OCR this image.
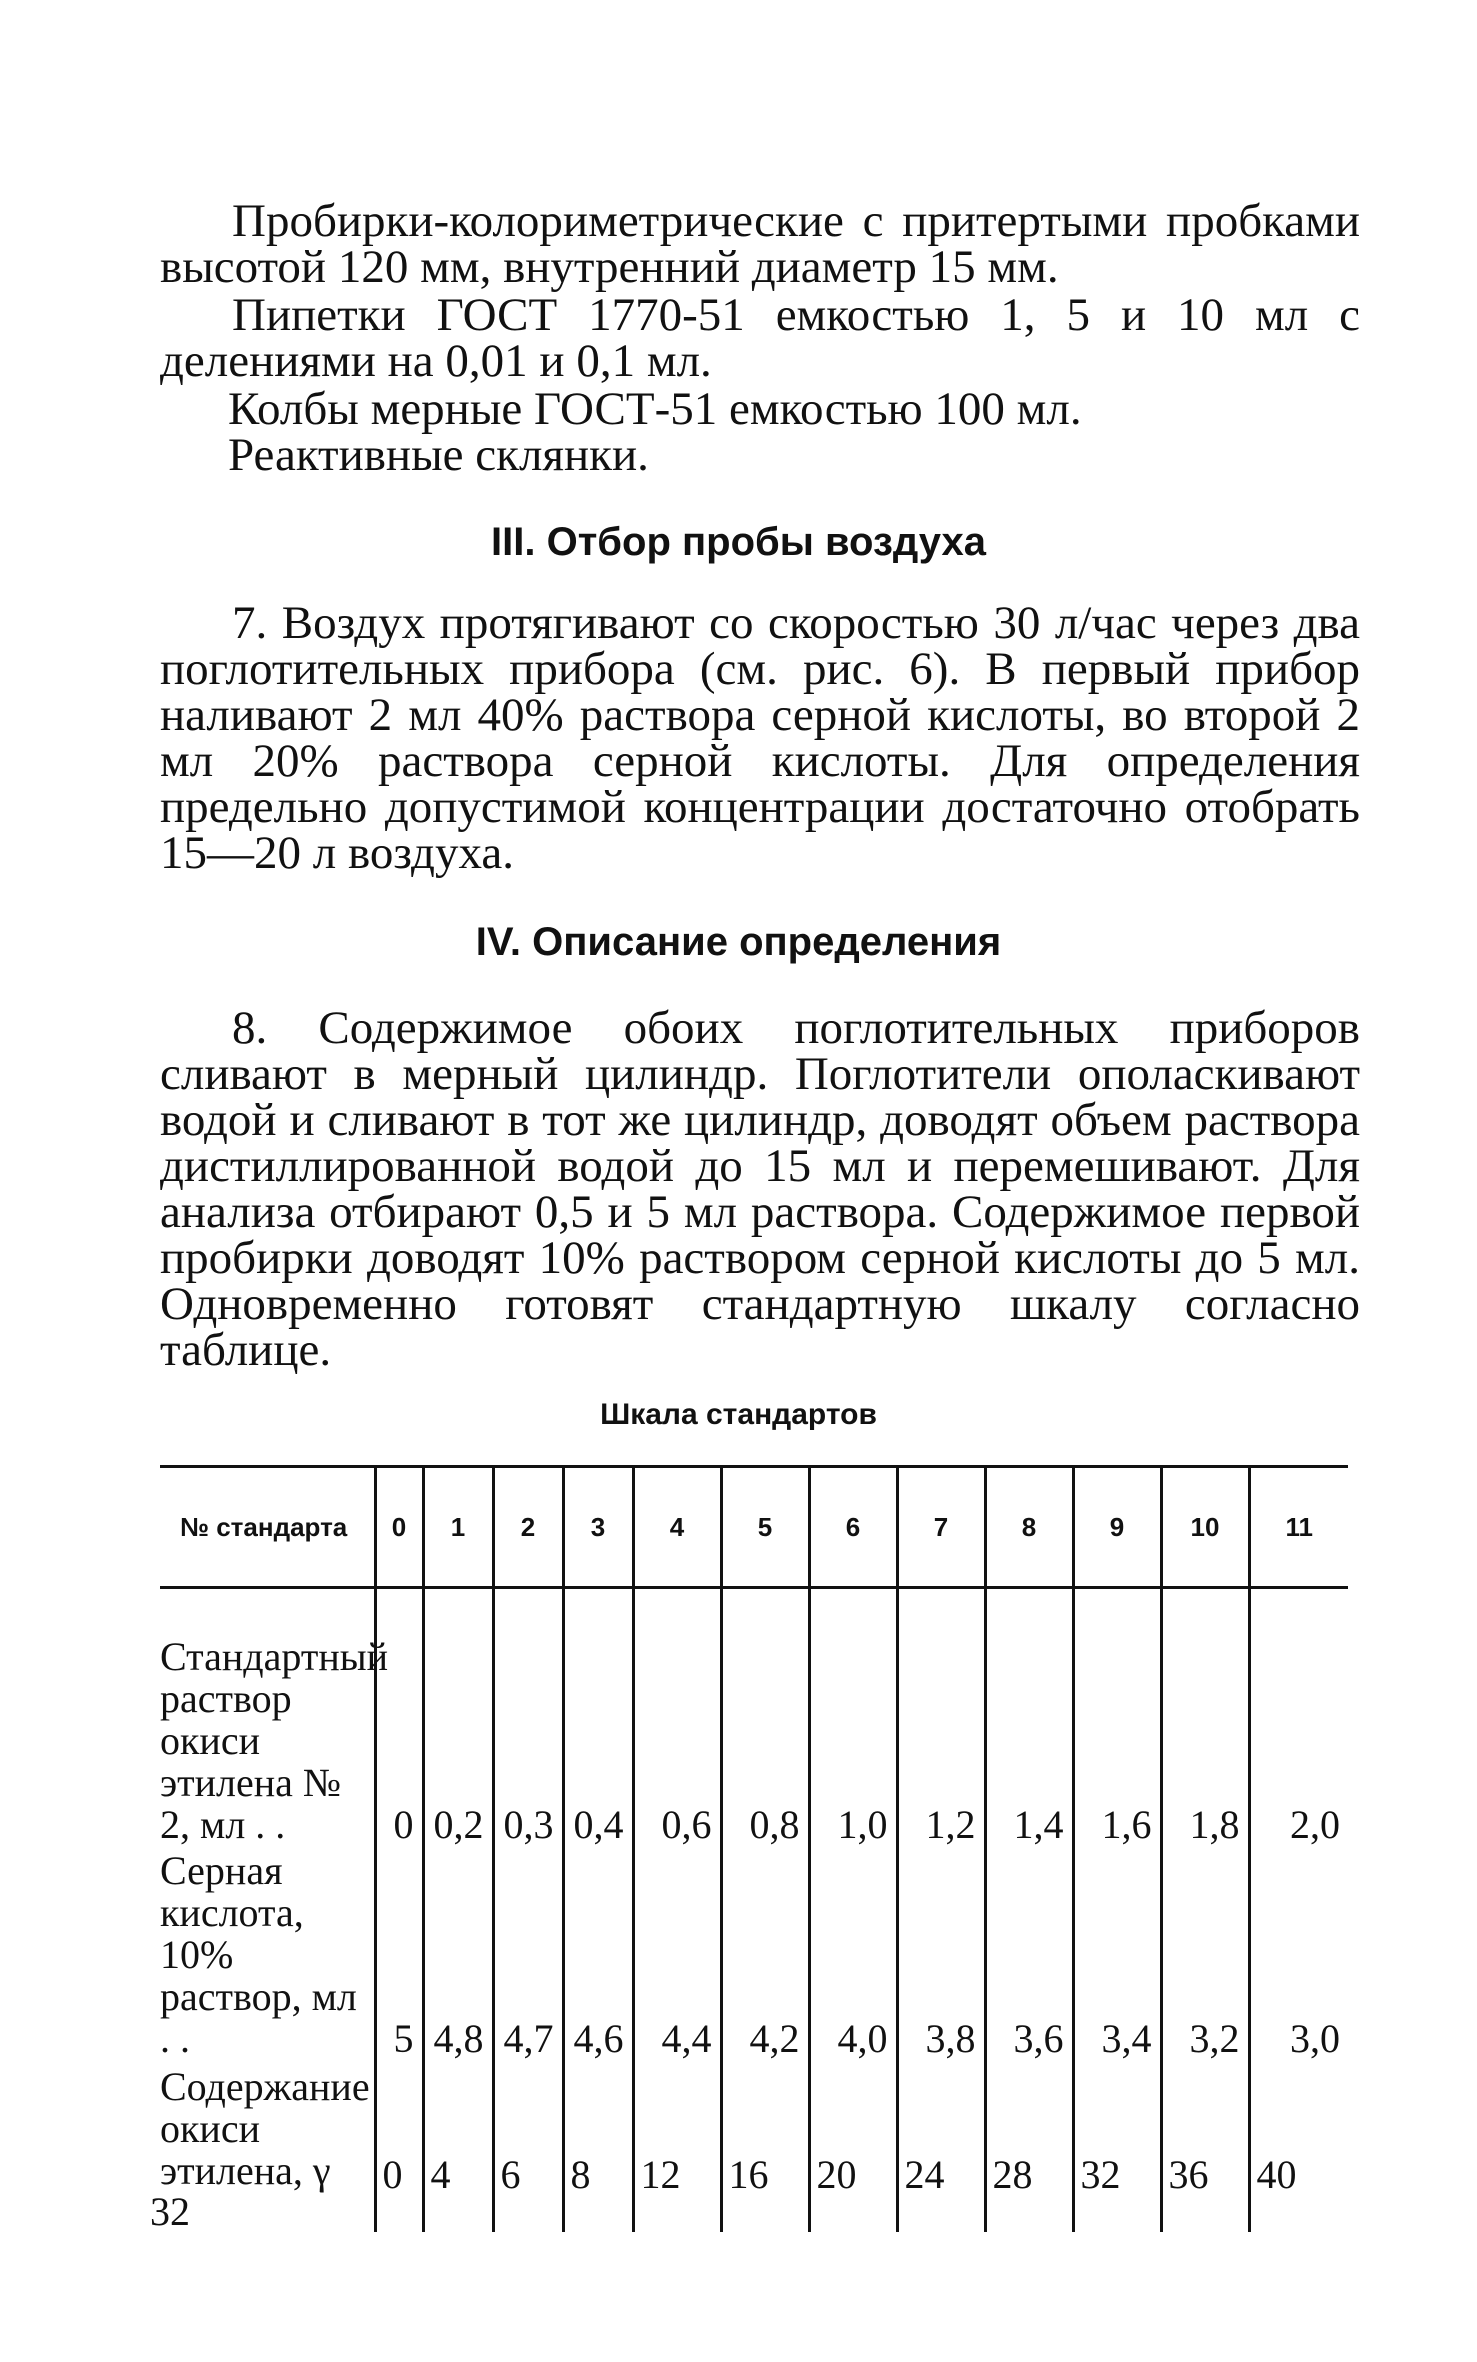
Пробирки-колориметрические с притертыми пробками высотой 120 мм, внутренний диаметр 15 мм.

Пипетки ГОСТ 1770-51 емкостью 1, 5 и 10 мл с делениями на 0,01 и 0,1 мл.

Колбы мерные ГОСТ-51 емкостью 100 мл.

Реактивные склянки.

III. Отбор пробы воздуха

7. Воздух протягивают со скоростью 30 л/час через два поглотительных прибора (см. рис. 6). В первый прибор наливают 2 мл 40% раствора серной кислоты, во второй 2 мл 20% раствора серной кислоты. Для определения предельно допустимой концентрации достаточно отобрать 15—20 л воздуха.

IV. Описание определения

8. Содержимое обоих поглотительных приборов сливают в мерный цилиндр. Поглотители ополаскивают водой и сливают в тот же цилиндр, доводят объем раствора дистиллированной водой до 15 мл и перемешивают. Для анализа отбирают 0,5 и 5 мл раствора. Содержимое первой пробирки доводят 10% раствором серной кислоты до 5 мл. Одновременно готовят стандартную шкалу согласно таблице.

Шкала стандартов
№ стандарта	0	1	2	3	4	5	6	7	8	9	10	11
Стандартный раствор окиси этилена № 2, мл . .	0	0,2	0,3	0,4	0,6	0,8	1,0	1,2	1,4	1,6	1,8	2,0
Серная кислота, 10% раствор, мл . .	5	4,8	4,7	4,6	4,4	4,2	4,0	3,8	3,6	3,4	3,2	3,0
Содержание окиси этилена, γ	0	4	6	8	12	16	20	24	28	32	36	40

32
